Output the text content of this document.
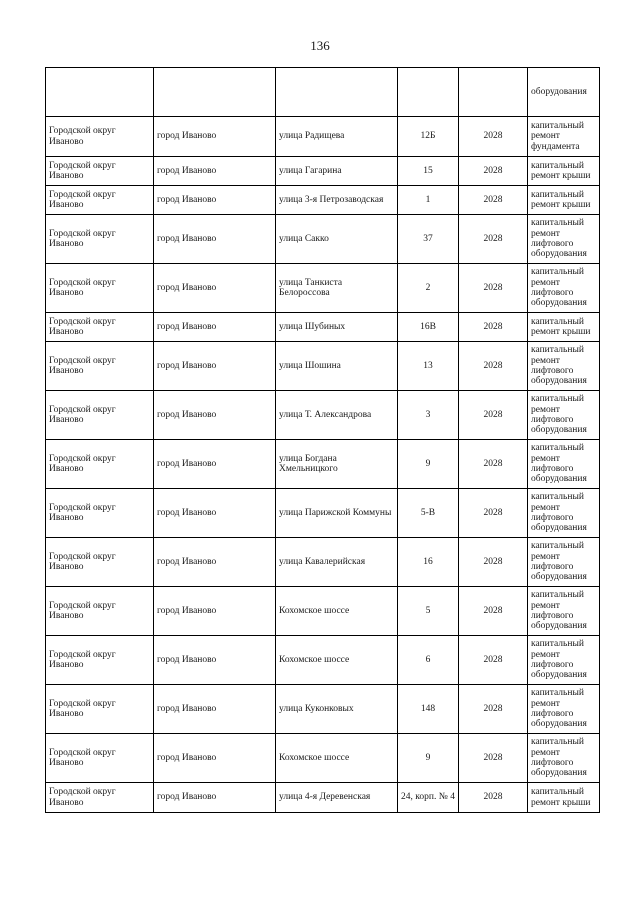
136
					оборудования
Городской округ Иваново	город Иваново	улица Радищева	12Б	2028	капитальный ремонт фундамента
Городской округ Иваново	город Иваново	улица Гагарина	15	2028	капитальный ремонт крыши
Городской округ Иваново	город Иваново	улица 3-я Петрозаводская	1	2028	капитальный ремонт крыши
Городской округ Иваново	город Иваново	улица Сакко	37	2028	капитальный ремонт лифтового оборудования
Городской округ Иваново	город Иваново	улица Танкиста Белороссова	2	2028	капитальный ремонт лифтового оборудования
Городской округ Иваново	город Иваново	улица Шубиных	16В	2028	капитальный ремонт крыши
Городской округ Иваново	город Иваново	улица Шошина	13	2028	капитальный ремонт лифтового оборудования
Городской округ Иваново	город Иваново	улица Т. Александрова	3	2028	капитальный ремонт лифтового оборудования
Городской округ Иваново	город Иваново	улица Богдана Хмельницкого	9	2028	капитальный ремонт лифтового оборудования
Городской округ Иваново	город Иваново	улица Парижской Коммуны	5-В	2028	капитальный ремонт лифтового оборудования
Городской округ Иваново	город Иваново	улица Кавалерийская	16	2028	капитальный ремонт лифтового оборудования
Городской округ Иваново	город Иваново	Кохомское шоссе	5	2028	капитальный ремонт лифтового оборудования
Городской округ Иваново	город Иваново	Кохомское шоссе	6	2028	капитальный ремонт лифтового оборудования
Городской округ Иваново	город Иваново	улица Куконковых	148	2028	капитальный ремонт лифтового оборудования
Городской округ Иваново	город Иваново	Кохомское шоссе	9	2028	капитальный ремонт лифтового оборудования
Городской округ Иваново	город Иваново	улица 4-я Деревенская	24, корп. № 4	2028	капитальный ремонт крыши
